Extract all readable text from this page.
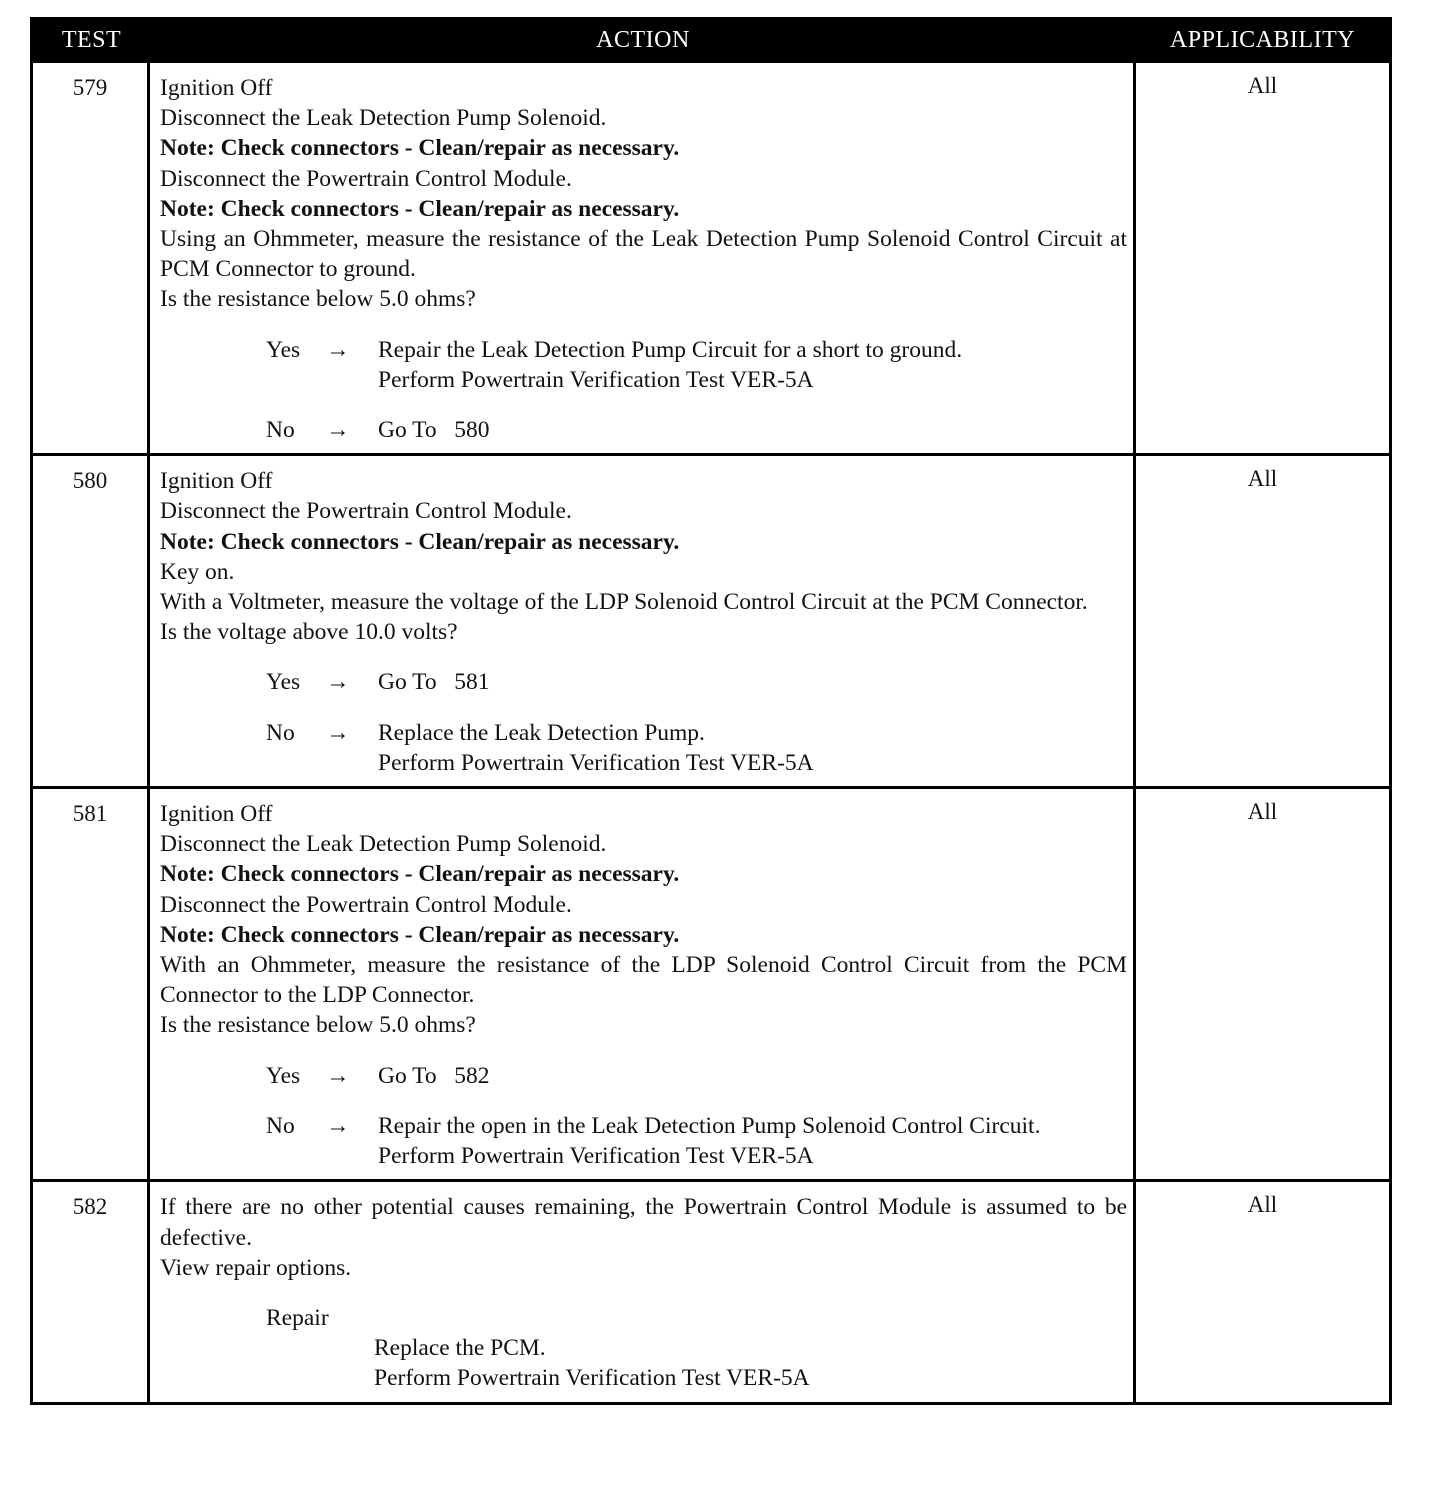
TEST	ACTION	APPLICABILITY
579	Ignition Off
Disconnect the Leak Detection Pump Solenoid.
Note: Check connectors - Clean/repair as necessary.
Disconnect the Powertrain Control Module.
Note: Check connectors - Clean/repair as necessary.
Using an Ohmmeter, measure the resistance of the Leak Detection Pump Solenoid Control Circuit at PCM Connector to ground.
Is the resistance below 5.0 ohms?
Yes	→	Repair the Leak Detection Pump Circuit for a short to ground.
Perform Powertrain Verification Test VER-5A
No	→	Go To   580
All
580	Ignition Off
Disconnect the Powertrain Control Module.
Note: Check connectors - Clean/repair as necessary.
Key on.
With a Voltmeter, measure the voltage of the LDP Solenoid Control Circuit at the PCM Connector.
Is the voltage above 10.0 volts?
Yes	→	Go To   581
No	→	Replace the Leak Detection Pump.
Perform Powertrain Verification Test VER-5A
All
581	Ignition Off
Disconnect the Leak Detection Pump Solenoid.
Note: Check connectors - Clean/repair as necessary.
Disconnect the Powertrain Control Module.
Note: Check connectors - Clean/repair as necessary.
With an Ohmmeter, measure the resistance of the LDP Solenoid Control Circuit from the PCM Connector to the LDP Connector.
Is the resistance below 5.0 ohms?
Yes	→	Go To   582
No	→	Repair the open in the Leak Detection Pump Solenoid Control Circuit.
Perform Powertrain Verification Test VER-5A
All
582	If there are no other potential causes remaining, the Powertrain Control Module is assumed to be defective.
View repair options.
Repair
Replace the PCM.
Perform Powertrain Verification Test VER-5A
All
